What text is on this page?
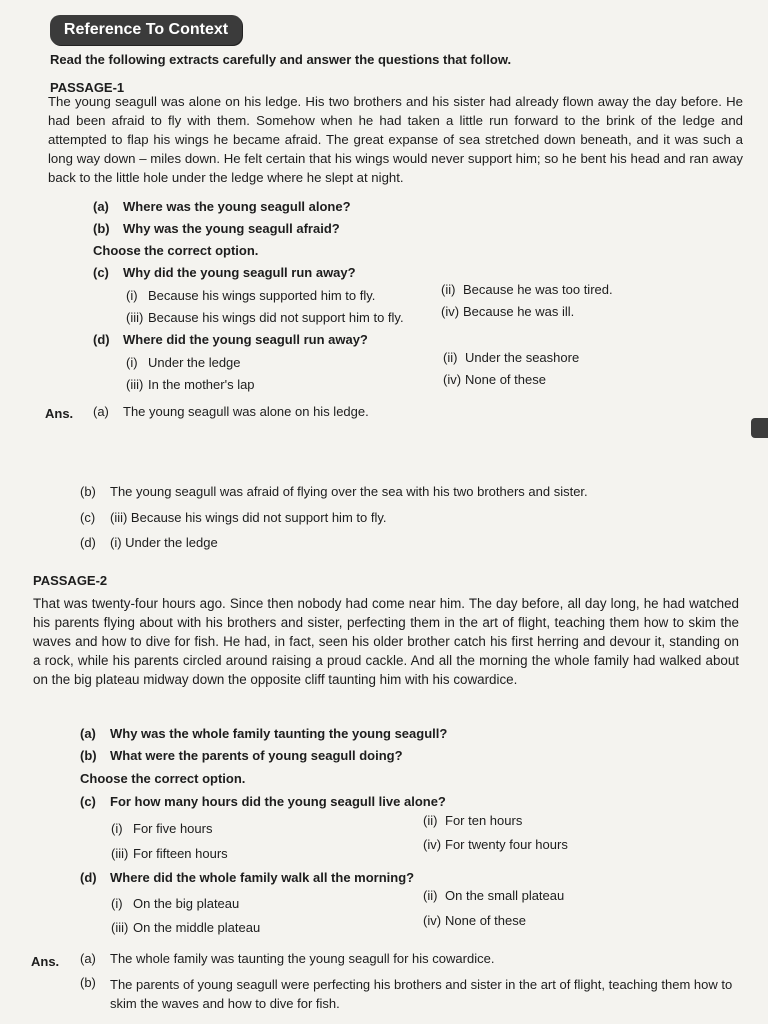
Reference To Context
Read the following extracts carefully and answer the questions that follow.
PASSAGE-1

The young seagull was alone on his ledge. His two brothers and his sister had already flown away the day before. He had been afraid to fly with them. Somehow when he had taken a little run forward to the brink of the ledge and attempted to flap his wings he became afraid. The great expanse of sea stretched down beneath, and it was such a long way down – miles down. He felt certain that his wings would never support him; so he bent his head and ran away back to the little hole under the ledge where he slept at night.

(a) Where was the young seagull alone?
(b) Why was the young seagull afraid?
Choose the correct option.
(c) Why did the young seagull run away?
(i) Because his wings supported him to fly.	(ii) Because he was too tired.
(iii) Because his wings did not support him to fly.	(iv) Because he was ill.
(d) Where did the young seagull run away?
(i) Under the ledge	(ii) Under the seashore
(iii) In the mother's lap	(iv) None of these
Ans. (a) The young seagull was alone on his ledge.
(b) The young seagull was afraid of flying over the sea with his two brothers and sister.
(c) (iii) Because his wings did not support him to fly.
(d) (i) Under the ledge
PASSAGE-2

That was twenty-four hours ago. Since then nobody had come near him. The day before, all day long, he had watched his parents flying about with his brothers and sister, perfecting them in the art of flight, teaching them how to skim the waves and how to dive for fish. He had, in fact, seen his older brother catch his first herring and devour it, standing on a rock, while his parents circled around raising a proud cackle. And all the morning the whole family had walked about on the big plateau midway down the opposite cliff taunting him with his cowardice.

(a) Why was the whole family taunting the young seagull?
(b) What were the parents of young seagull doing?
Choose the correct option.
(c) For how many hours did the young seagull live alone?
(i) For five hours
(ii) For ten hours
(iii) For fifteen hours
(iv) For twenty four hours
(d) Where did the whole family walk all the morning?
(i) On the big plateau
(ii) On the small plateau
(iii) On the middle plateau	(iv) None of these
Ans. (a) The whole family was taunting the young seagull for his cowardice.
(b)	The parents of young seagull were perfecting his brothers and sister in the art of flight, teaching them how to skim the waves and how to dive for fish.
